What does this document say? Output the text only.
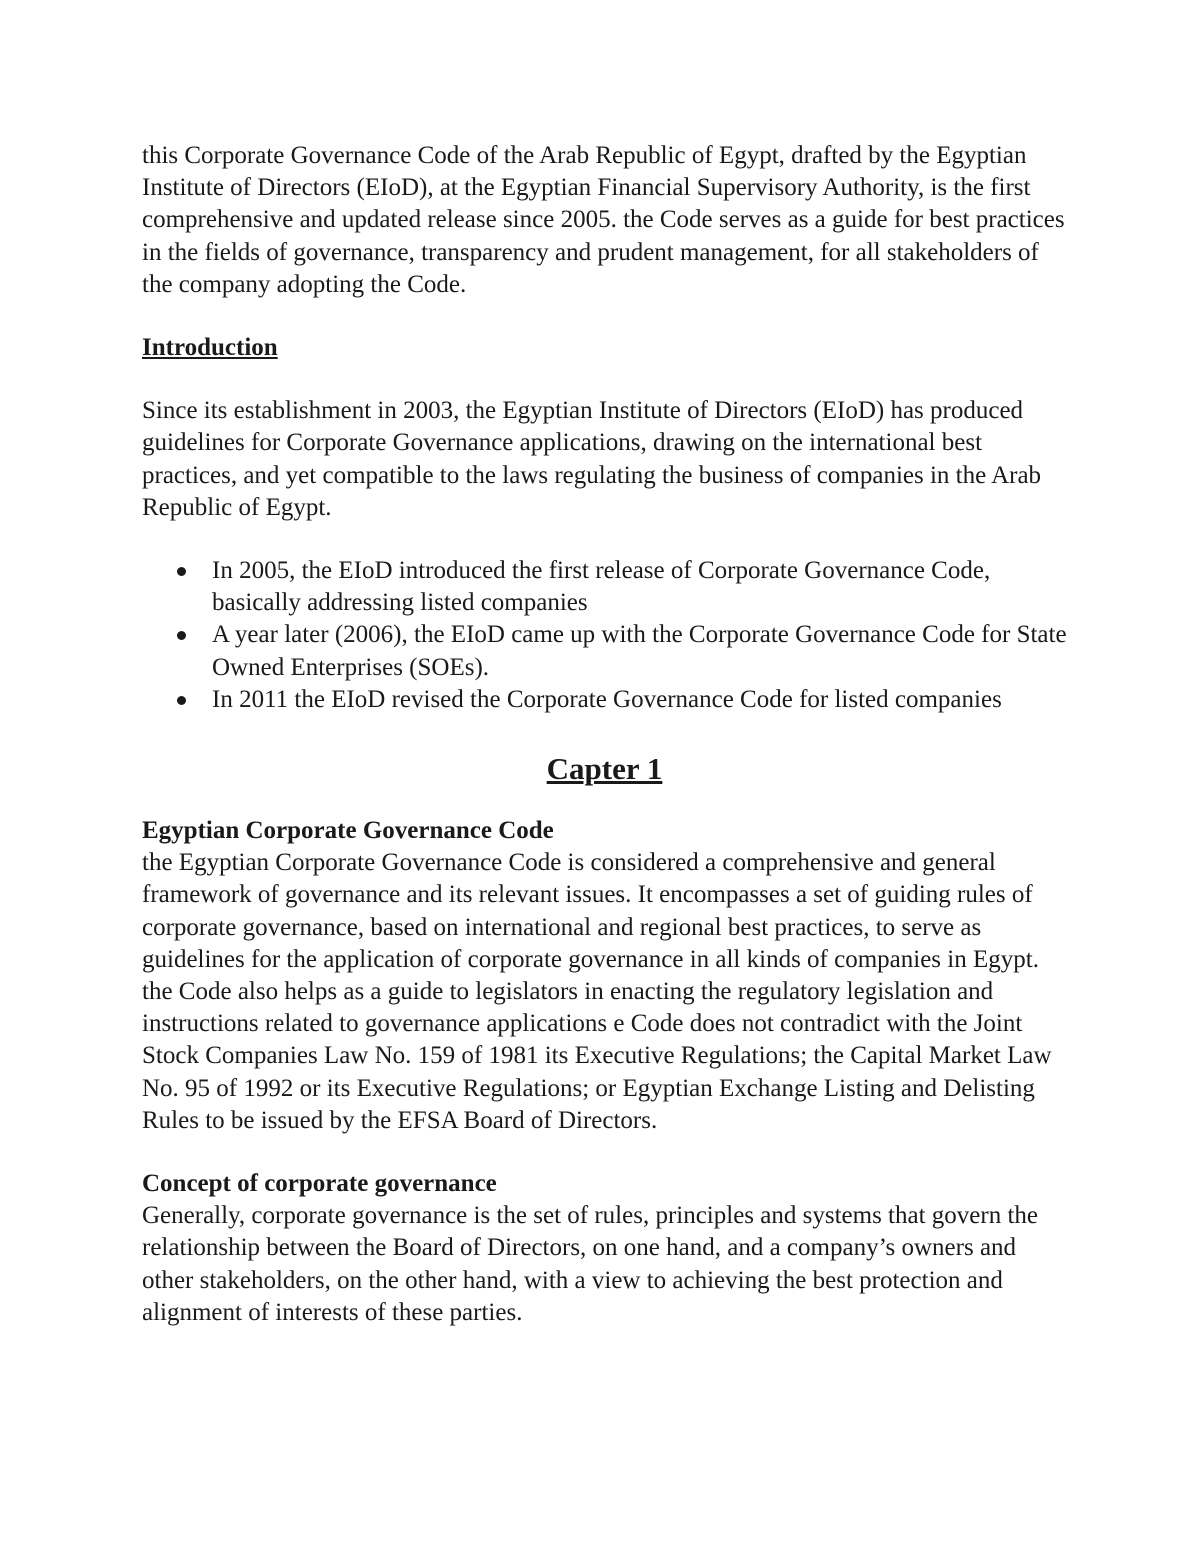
this Corporate Governance Code of the Arab Republic of Egypt, drafted by the Egyptian Institute of Directors (EIoD), at the Egyptian Financial Supervisory Authority, is the first comprehensive and updated release since 2005. the Code serves as a guide for best practices in the fields of governance, transparency and prudent management, for all stakeholders of the company adopting the Code.

Introduction

Since its establishment in 2003, the Egyptian Institute of Directors (EIoD) has produced guidelines for Corporate Governance applications, drawing on the international best practices, and yet compatible to the laws regulating the business of companies in the Arab Republic of Egypt.

In 2005, the EIoD introduced the first release of Corporate Governance Code, basically addressing listed companies
A year later (2006), the EIoD came up with the Corporate Governance Code for State Owned Enterprises (SOEs).
In 2011 the EIoD revised the Corporate Governance Code for listed companies

Capter 1

Egyptian Corporate Governance Code

the Egyptian Corporate Governance Code is considered a comprehensive and general framework of governance and its relevant issues. It encompasses a set of guiding rules of corporate governance, based on international and regional best practices, to serve as guidelines for the application of corporate governance in all kinds of companies in Egypt. the Code also helps as a guide to legislators in enacting the regulatory legislation and instructions related to governance applications e Code does not contradict with the Joint Stock Companies Law No. 159 of 1981 its Executive Regulations; the Capital Market Law No. 95 of 1992 or its Executive Regulations; or Egyptian Exchange Listing and Delisting Rules to be issued by the EFSA Board of Directors.

Concept of corporate governance

Generally, corporate governance is the set of rules, principles and systems that govern the relationship between the Board of Directors, on one hand, and a company’s owners and other stakeholders, on the other hand, with a view to achieving the best protection and alignment of interests of these parties.
